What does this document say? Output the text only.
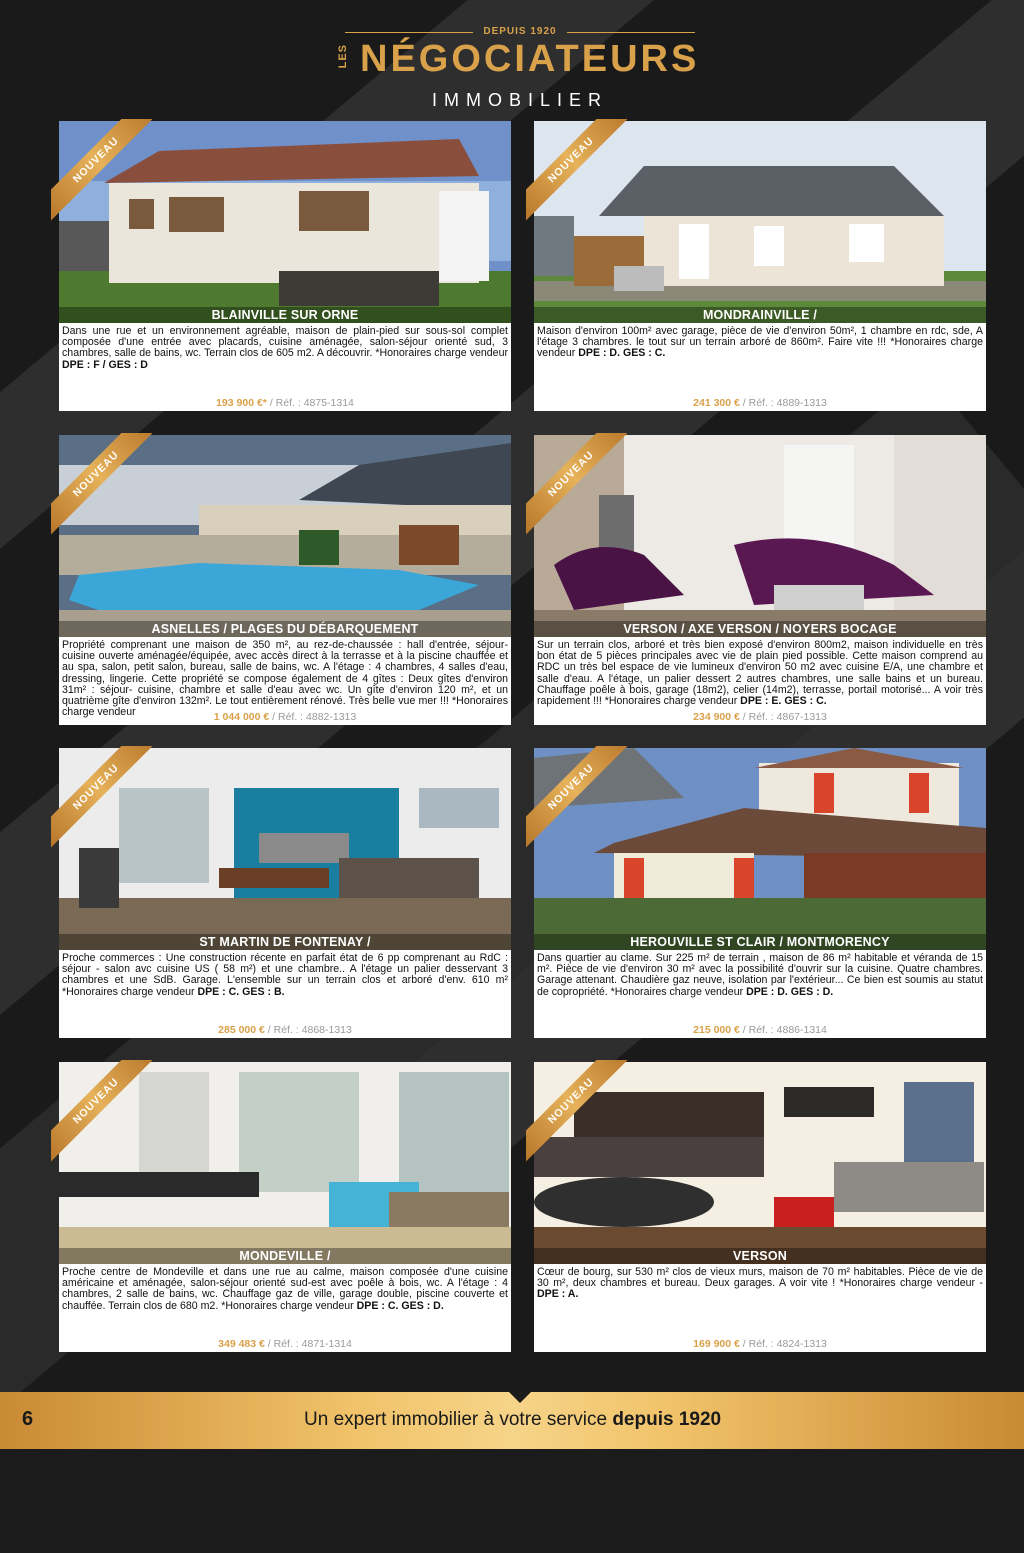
DEPUIS 1920
LES NÉGOCIATEURS
IMMOBILIER
NOUVEAU
BLAINVILLE SUR ORNE
Dans une rue et un environnement agréable, maison de plain-pied sur sous-sol complet composée d'une entrée avec placards, cuisine aménagée, salon-séjour orienté sud, 3 chambres, salle de bains, wc. Terrain clos de 605 m2. A découvrir. *Honoraires charge vendeur DPE : F / GES : D
193 900 €* / Réf. : 4875-1314
NOUVEAU
MONDRAINVILLE /
Maison d'environ 100m² avec garage, pièce de vie d'environ 50m², 1 chambre en rdc, sde, A l'étage 3 chambres. le tout sur un terrain arboré de 860m². Faire vite !!! *Honoraires charge vendeur DPE : D. GES : C.
241 300 € / Réf. : 4889-1313
NOUVEAU
ASNELLES / PLAGES DU DÉBARQUEMENT
Propriété comprenant une maison de 350 m², au rez-de-chaussée : hall d'entrée, séjour-cuisine ouverte aménagée/équipée, avec accès direct à la terrasse et à la piscine chauffée et au spa, salon, petit salon, bureau, salle de bains, wc. A l'étage : 4 chambres, 4 salles d'eau, dressing, lingerie. Cette propriété se compose également de 4 gîtes : Deux gîtes d'environ 31m² : séjour- cuisine, chambre et salle d'eau avec wc. Un gîte d'environ 120 m², et un quatrième gîte d'environ 132m². Le tout entièrement rénové. Très belle vue mer !!! *Honoraires charge vendeur	1 044 000 € / Réf. : 4882-1313
NOUVEAU
VERSON / AXE VERSON / NOYERS BOCAGE
Sur un terrain clos, arboré et très bien exposé d'environ 800m2, maison individuelle en très bon état de 5 pièces principales avec vie de plain pied possible. Cette maison comprend au RDC un très bel espace de vie lumineux d'environ 50 m2 avec cuisine E/A, une chambre et salle d'eau. A l'étage, un palier dessert 2 autres chambres, une salle bains et un bureau. Chauffage poêle à bois, garage (18m2), celier (14m2), terrasse, portail motorisé... A voir très rapidement !!! *Honoraires charge vendeur DPE : E. GES : C.
234 900 € / Réf. : 4867-1313
NOUVEAU
ST MARTIN DE FONTENAY /
Proche commerces : Une construction récente en parfait état de 6 pp comprenant au RdC : séjour - salon avc cuisine US ( 58 m²) et une chambre.. A l'étage un palier desservant 3 chambres et une SdB. Garage. L'ensemble sur un terrain clos et arboré d'env. 610 m² *Honoraires charge vendeur DPE : C. GES : B.
285 000 € / Réf. : 4868-1313
NOUVEAU
HEROUVILLE ST CLAIR / MONTMORENCY
Dans quartier au clame. Sur 225 m² de terrain , maison de 86 m² habitable et véranda de 15 m². Pièce de vie d'environ 30 m² avec la possibilité d'ouvrir sur la cuisine. Quatre chambres. Garage attenant. Chaudière gaz neuve, isolation par l'extérieur... Ce bien est soumis au statut de copropriété. *Honoraires charge vendeur DPE : D. GES : D.
215 000 € / Réf. : 4886-1314
NOUVEAU
MONDEVILLE /
Proche centre de Mondeville et dans une rue au calme, maison composée d'une cuisine américaine et aménagée, salon-séjour orienté sud-est avec poêle à bois, wc. A l'étage : 4 chambres, 2 salle de bains, wc. Chauffage gaz de ville, garage double, piscine couverte et chauffée. Terrain clos de 680 m2. *Honoraires charge vendeur DPE : C. GES : D.
349 483 € / Réf. : 4871-1314
NOUVEAU
VERSON
Cœur de bourg, sur 530 m² clos de vieux murs, maison de 70 m² habitables. Pièce de vie de 30 m², deux chambres et bureau. Deux garages. A voir vite ! *Honoraires charge vendeur - DPE : A.
169 900 € / Réf. : 4824-1313
6	Un expert immobilier à votre service depuis 1920
